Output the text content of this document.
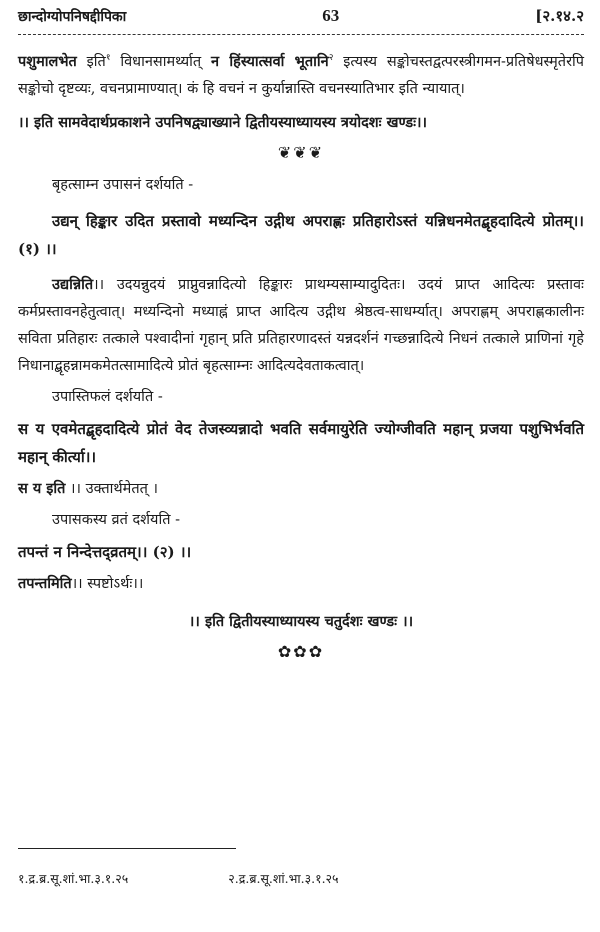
छान्दोग्योपनिषद्दीपिका	63	[२.१४.२

पशुमालभेत इति$^१$ विधानसामर्थ्यात् न हिंस्यात्सर्वा भूतानि$^२$ इत्यस्य सङ्कोचस्तद्वत्परस्त्रीगमन-प्रतिषेधस्मृतेरपि सङ्कोचो दृष्टव्यः, वचनप्रामाण्यात्। कं हि वचनं न कुर्यान्नास्ति वचनस्यातिभार इति न्यायात्।

।। इति सामवेदार्थप्रकाशने उपनिषद्व्याख्याने द्वितीयस्याध्यायस्य त्रयोदशः खण्डः।।

❦❦❦

बृहत्साम्न उपासनं दर्शयति -

उद्यन् हिङ्कार उदित प्रस्तावो मध्यन्दिन उद्गीथ अपराह्णः प्रतिहारोऽस्तं यन्निधनमेतद्बृहदादित्ये प्रोतम्।। (१) ।।

उद्यन्निति।। उदयन्नुदयं प्राप्नुवन्नादित्यो हिङ्कारः प्राथम्यसाम्यादुदितः। उदयं प्राप्त आदित्यः प्रस्तावः कर्मप्रस्तावनहेतुत्वात्। मध्यन्दिनो मध्याह्नं प्राप्त आदित्य उद्गीथ श्रेष्ठत्व-साधर्म्यात्। अपराह्णम् अपराह्णकालीनः सविता प्रतिहारः तत्काले पश्वादीनां गृहान् प्रति प्रतिहारणादस्तं यन्नदर्शनं गच्छन्नादित्ये निधनं तत्काले प्राणिनां गृहे निधानाद्बृहन्नामकमेतत्सामादित्ये प्रोतं बृहत्साम्नः आदित्यदेवताकत्वात्।

उपास्तिफलं दर्शयति -

स य एवमेतद्बृहदादित्ये प्रोतं वेद तेजस्व्यन्नादो भवति सर्वमायुरेति ज्योग्जीवति महान् प्रजया पशुभिर्भवति महान् कीर्त्या।।

स य इति ।। उक्तार्थमेतत् ।

उपासकस्य व्रतं दर्शयति -

तपन्तं न निन्देत्तद्व्रतम्।। (२) ।।

तपन्तमिति।। स्पष्टोऽर्थः।।

।। इति द्वितीयस्याध्यायस्य चतुर्दशः खण्डः ।।

✿✿✿
१.द्र.ब्र.सू.शां.भा.३.१.२५	२.द्र.ब्र.सू.शां.भा.३.१.२५
